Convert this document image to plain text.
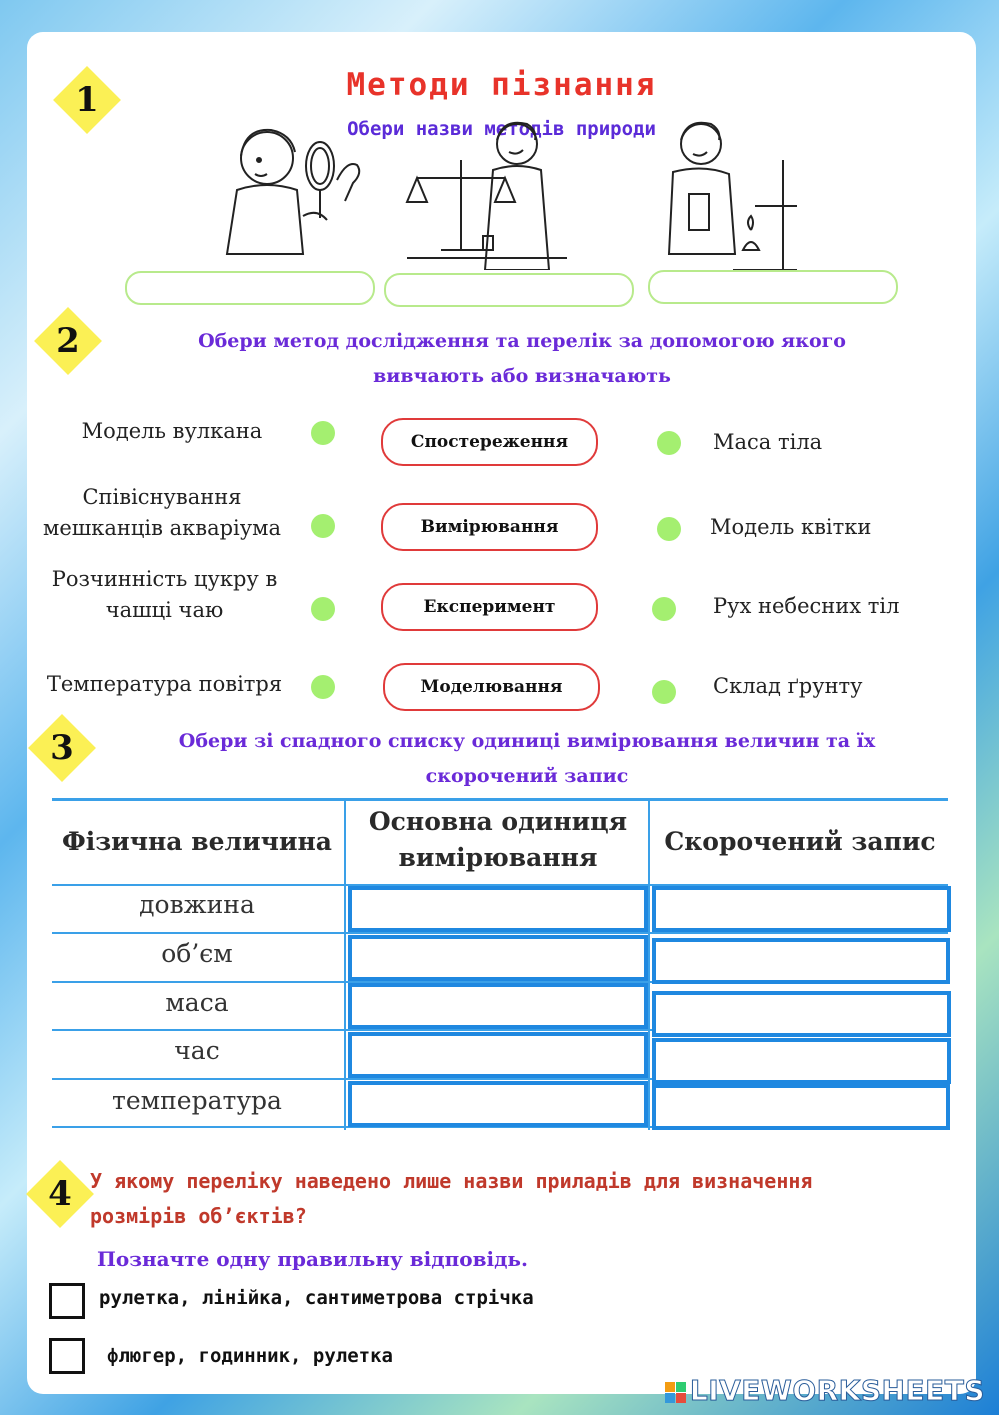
Методи пізнання
Обери назви методів природи
1
2	Обери метод дослідження та перелік за допомогою якого
вивчають або визначають
Модель вулкана
Співіснування мешканців акваріума
Розчинність цукру в чашці чаю
Температура повітря
Спостереження
Вимірювання
Експеримент
Моделювання
Маса тіла
Модель квітки
Рух небесних тіл
Склад ґрунту
3	Обери зі спадного списку одиниці вимірювання величин та їх
скорочений запис
Фізична величина
Основна одиниця вимірювання
Скорочений запис
довжина
об’єм
маса
час
температура
4 У якому переліку наведено лише назви приладів для визначення
розмірів об’єктів?
Позначте одну правильну відповідь.
рулетка, лінійка, сантиметрова стрічка
флюгер, годинник, рулетка
LIVEWORKSHEETS
